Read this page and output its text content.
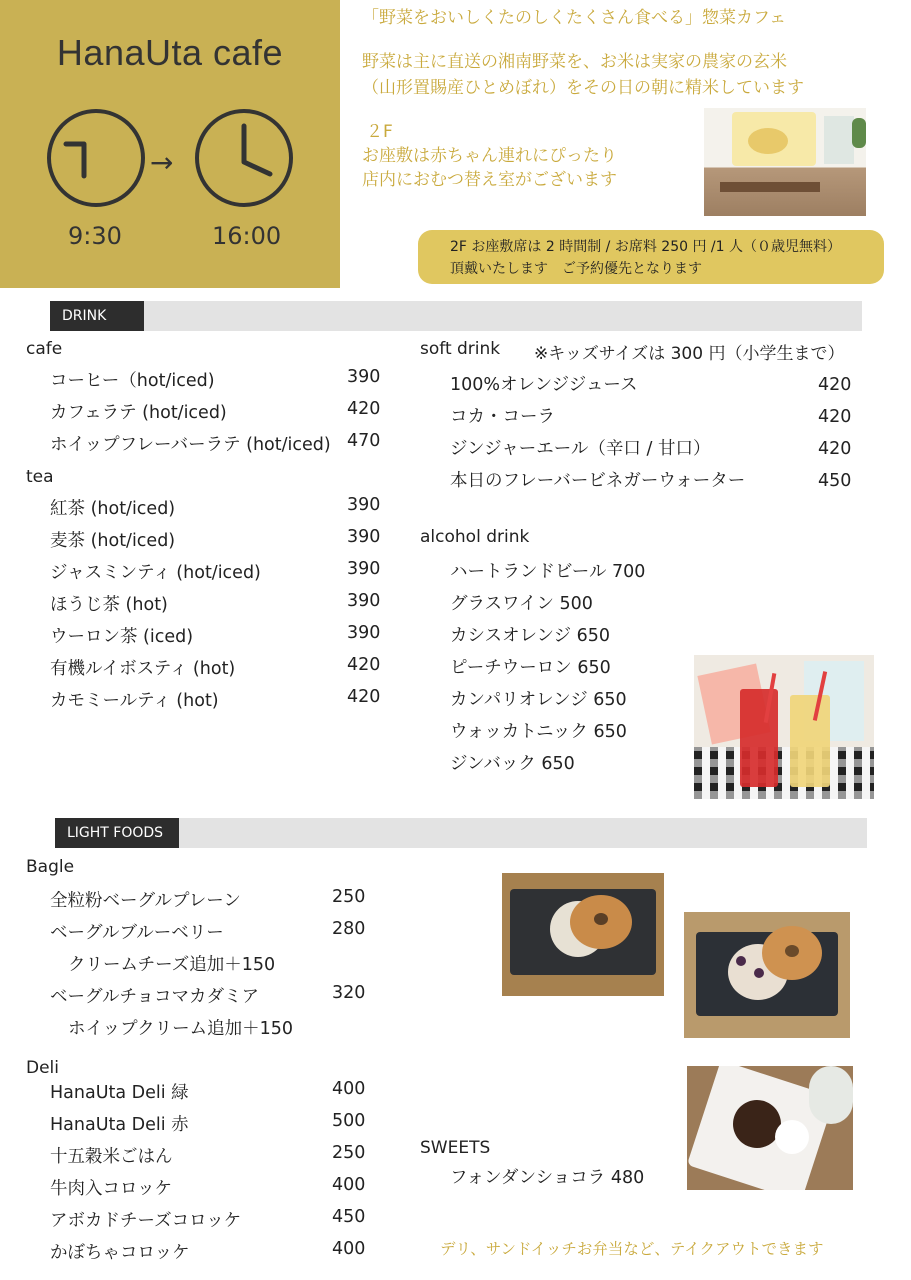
HanaUta cafe
→
9:30	16:00
「野菜をおいしくたのしくたくさん食べる」惣菜カフェ
野菜は主に直送の湘南野菜を、お米は実家の農家の玄米
（山形置賜産ひとめぼれ）をその日の朝に精米しています
２F
お座敷は赤ちゃん連れにぴったり
店内におむつ替え室がございます
2F お座敷席は 2 時間制 / お席料 250 円 /1 人（０歳児無料）
頂戴いたします　ご予約優先となります
DRINK
cafe
コーヒー（hot/iced)	390
カフェラテ (hot/iced)	420
ホイップフレーバーラテ (hot/iced) 470
tea
紅茶 (hot/iced)	390
麦茶 (hot/iced)	390
ジャスミンティ (hot/iced)	390
ほうじ茶 (hot)	390
ウーロン茶 (iced)	390
有機ルイボスティ (hot)	420
カモミールティ (hot)	420
soft drink ※キッズサイズは 300 円（小学生まで）
100%オレンジジュース	420
コカ・コーラ	420
ジンジャーエール（辛口 / 甘口）	420
本日のフレーバービネガーウォーター	450
alcohol drink
ハートランドビール 700
グラスワイン 500
カシスオレンジ 650
ピーチウーロン 650
カンパリオレンジ 650
ウォッカトニック 650
ジンバック 650
LIGHT FOODS
Bagle
全粒粉ベーグルプレーン	250
ベーグルブルーベリー	280
クリームチーズ追加＋150
ベーグルチョコマカダミア	320
ホイップクリーム追加＋150
Deli
HanaUta Deli 緑	400
HanaUta Deli 赤	500
十五穀米ごはん	250
牛肉入コロッケ	400
アボカドチーズコロッケ	450
かぼちゃコロッケ	400
SWEETS
フォンダンショコラ 480
デリ、サンドイッチお弁当など、テイクアウトできます
